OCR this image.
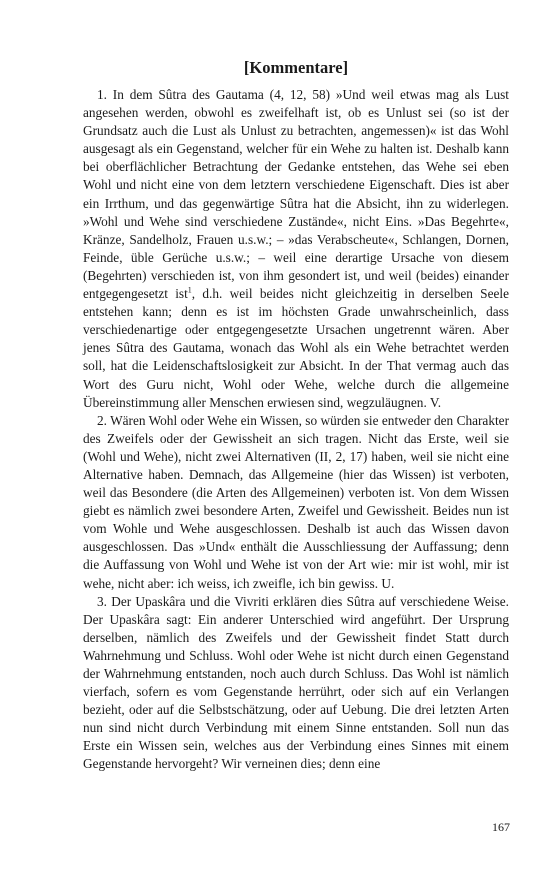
[Kommentare]

1. In dem Sûtra des Gautama (4, 12, 58) »Und weil etwas mag als Lust angesehen werden, obwohl es zweifelhaft ist, ob es Unlust sei (so ist der Grundsatz auch die Lust als Unlust zu betrachten, angemessen)« ist das Wohl ausgesagt als ein Gegenstand, welcher für ein Wehe zu halten ist. Deshalb kann bei oberflächlicher Betrachtung der Gedanke entstehen, das Wehe sei eben Wohl und nicht eine von dem letztern verschiedene Eigenschaft. Dies ist aber ein Irrthum, und das gegenwärtige Sûtra hat die Absicht, ihn zu widerlegen. »Wohl und Wehe sind verschiedene Zustände«, nicht Eins. »Das Begehrte«, Kränze, Sandelholz, Frauen u.s.w.; – »das Verabscheute«, Schlangen, Dornen, Feinde, üble Gerüche u.s.w.; – weil eine derartige Ursache von diesem (Begehrten) verschieden ist, von ihm gesondert ist, und weil (beides) einander entgegengesetzt ist$^1$, d.h. weil beides nicht gleichzeitig in derselben Seele entstehen kann; denn es ist im höchsten Grade unwahrscheinlich, dass verschiedenartige oder entgegengesetzte Ursachen ungetrennt wären. Aber jenes Sûtra des Gautama, wonach das Wohl als ein Wehe betrachtet werden soll, hat die Leidenschaftslosigkeit zur Absicht. In der That vermag auch das Wort des Guru nicht, Wohl oder Wehe, welche durch die allgemeine Übereinstimmung aller Menschen erwiesen sind, wegzuläugnen. V.

2. Wären Wohl oder Wehe ein Wissen, so würden sie entweder den Charakter des Zweifels oder der Gewissheit an sich tragen. Nicht das Erste, weil sie (Wohl und Wehe), nicht zwei Alternativen (II, 2, 17) haben, weil sie nicht eine Alternative haben. Demnach, das Allgemeine (hier das Wissen) ist verboten, weil das Besondere (die Arten des Allgemeinen) verboten ist. Von dem Wissen giebt es nämlich zwei besondere Arten, Zweifel und Gewissheit. Beides nun ist vom Wohle und Wehe ausgeschlossen. Deshalb ist auch das Wissen davon ausgeschlossen. Das »Und« enthält die Ausschliessung der Auffassung; denn die Auffassung von Wohl und Wehe ist von der Art wie: mir ist wohl, mir ist wehe, nicht aber: ich weiss, ich zweifle, ich bin gewiss. U.

3. Der Upaskâra und die Vivriti erklären dies Sûtra auf verschiedene Weise. Der Upaskâra sagt: Ein anderer Unterschied wird angeführt. Der Ursprung derselben, nämlich des Zweifels und der Gewissheit findet Statt durch Wahrnehmung und Schluss. Wohl oder Wehe ist nicht durch einen Gegenstand der Wahrnehmung entstanden, noch auch durch Schluss. Das Wohl ist nämlich vierfach, sofern es vom Gegenstande herrührt, oder sich auf ein Verlangen bezieht, oder auf die Selbstschätzung, oder auf Uebung. Die drei letzten Arten nun sind nicht durch Verbindung mit einem Sinne entstanden. Soll nun das Erste ein Wissen sein, welches aus der Verbindung eines Sinnes mit einem Gegenstande hervorgeht? Wir verneinen dies; denn eine

167
